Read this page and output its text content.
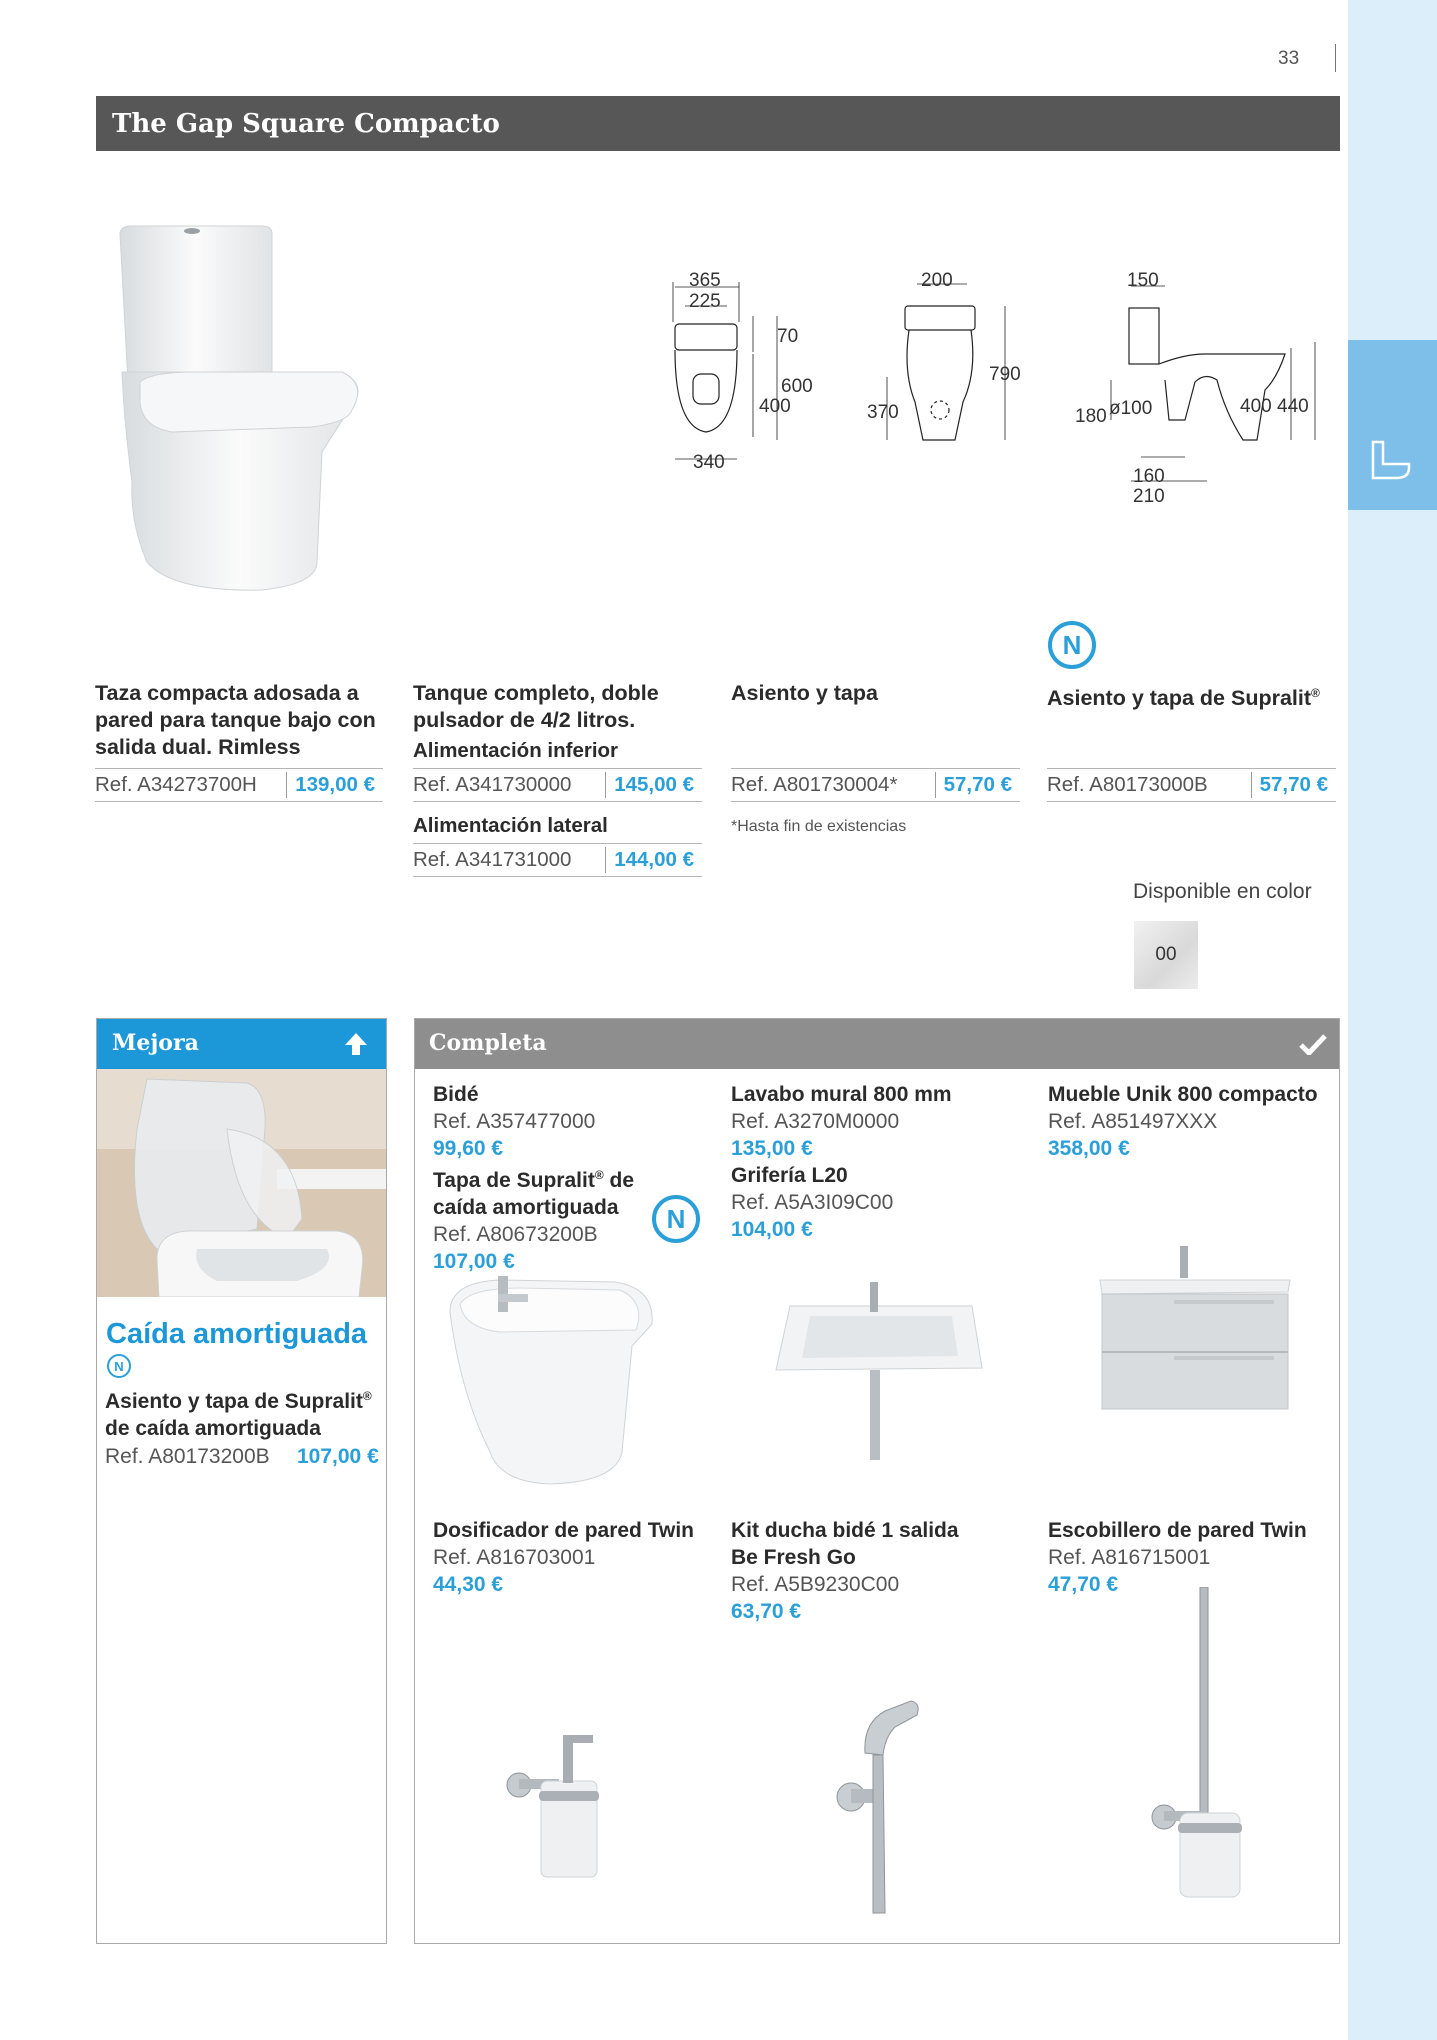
33
The Gap Square Compacto
365
225
70
400
600
340
200
370
790
150
180 ø100	400 440
160
210
N
Taza compacta adosada a pared para tanque bajo con salida dual. Rimless
Ref. A34273700H	139,00 €
Tanque completo, doble pulsador de 4/2 litros.
Alimentación inferior
Ref. A341730000	145,00 €
Alimentación lateral
Ref. A341731000	144,00 €
Asiento y tapa
Ref. A801730004*	57,70 €
*Hasta fin de existencias
Asiento y tapa de Supralit®
Ref. A80173000B	57,70 €
Disponible en color
00
Mejora
Caída amortiguada
N
Asiento y tapa de Supralit®
de caída amortiguada
Ref. A80173200B 107,00 €
Completa
Bidé
Ref. A357477000
99,60 €
Tapa de Supralit® de
caída amortiguada
Ref. A80673200B
107,00 €
N
Lavabo mural 800 mm
Ref. A3270M0000
135,00 €
Grifería L20
Ref. A5A3I09C00
104,00 €
Mueble Unik 800 compacto
Ref. A851497XXX
358,00 €
Dosificador de pared Twin
Ref. A816703001
44,30 €
Kit ducha bidé 1 salida
Be Fresh Go
Ref. A5B9230C00
63,70 €
Escobillero de pared Twin
Ref. A816715001
47,70 €
